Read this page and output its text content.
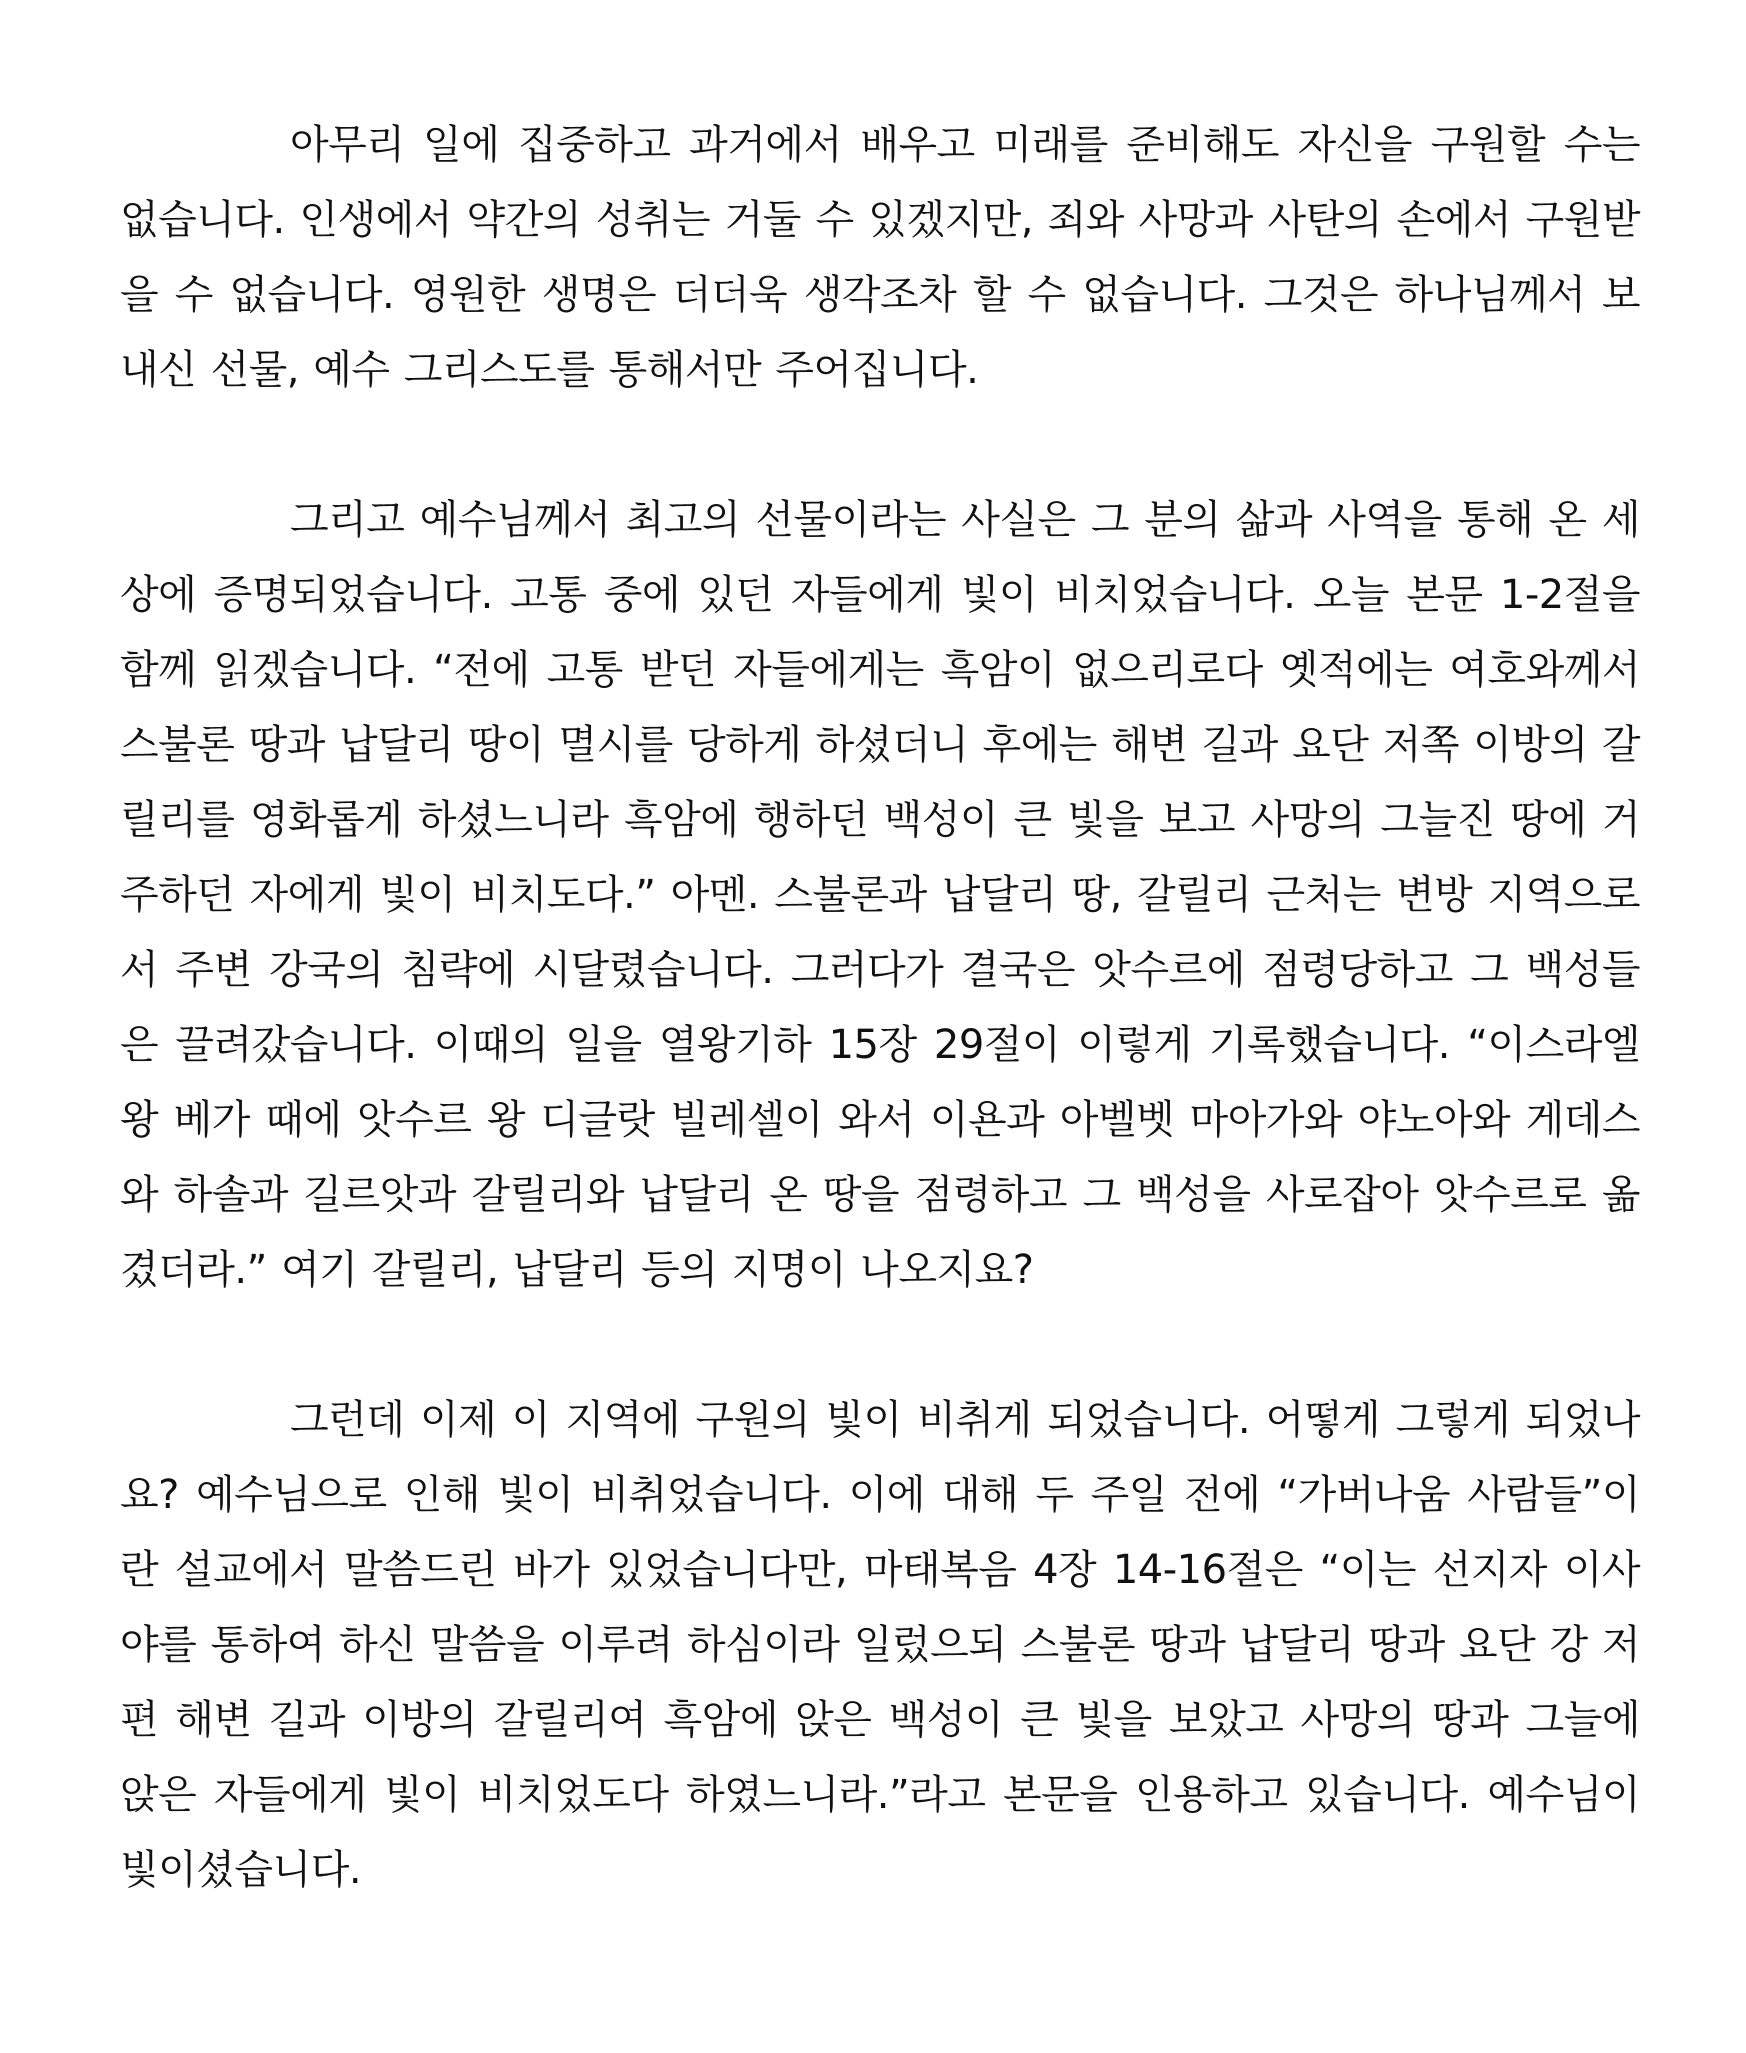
아무리 일에 집중하고 과거에서 배우고 미래를 준비해도 자신을 구원할 수는 없습니다. 인생에서 약간의 성취는 거둘 수 있겠지만, 죄와 사망과 사탄의 손에서 구원받을 수 없습니다. 영원한 생명은 더더욱 생각조차 할 수 없습니다. 그것은 하나님께서 보내신 선물, 예수 그리스도를 통해서만 주어집니다.

그리고 예수님께서 최고의 선물이라는 사실은 그 분의 삶과 사역을 통해 온 세상에 증명되었습니다. 고통 중에 있던 자들에게 빛이 비치었습니다. 오늘 본문 1-2절을 함께 읽겠습니다. “전에 고통 받던 자들에게는 흑암이 없으리로다 옛적에는 여호와께서 스불론 땅과 납달리 땅이 멸시를 당하게 하셨더니 후에는 해변 길과 요단 저쪽 이방의 갈릴리를 영화롭게 하셨느니라 흑암에 행하던 백성이 큰 빛을 보고 사망의 그늘진 땅에 거주하던 자에게 빛이 비치도다.” 아멘. 스불론과 납달리 땅, 갈릴리 근처는 변방 지역으로서 주변 강국의 침략에 시달렸습니다. 그러다가 결국은 앗수르에 점령당하고 그 백성들은 끌려갔습니다. 이때의 일을 열왕기하 15장 29절이 이렇게 기록했습니다. “이스라엘 왕 베가 때에 앗수르 왕 디글랏 빌레셀이 와서 이욘과 아벨벳 마아가와 야노아와 게데스와 하솔과 길르앗과 갈릴리와 납달리 온 땅을 점령하고 그 백성을 사로잡아 앗수르로 옮겼더라.” 여기 갈릴리, 납달리 등의 지명이 나오지요?

그런데 이제 이 지역에 구원의 빛이 비취게 되었습니다. 어떻게 그렇게 되었나요? 예수님으로 인해 빛이 비취었습니다. 이에 대해 두 주일 전에 “가버나움 사람들”이란 설교에서 말씀드린 바가 있었습니다만, 마태복음 4장 14-16절은 “이는 선지자 이사야를 통하여 하신 말씀을 이루려 하심이라 일렀으되 스불론 땅과 납달리 땅과 요단 강 저편 해변 길과 이방의 갈릴리여 흑암에 앉은 백성이 큰 빛을 보았고 사망의 땅과 그늘에 앉은 자들에게 빛이 비치었도다 하였느니라.”라고 본문을 인용하고 있습니다. 예수님이 빛이셨습니다.
